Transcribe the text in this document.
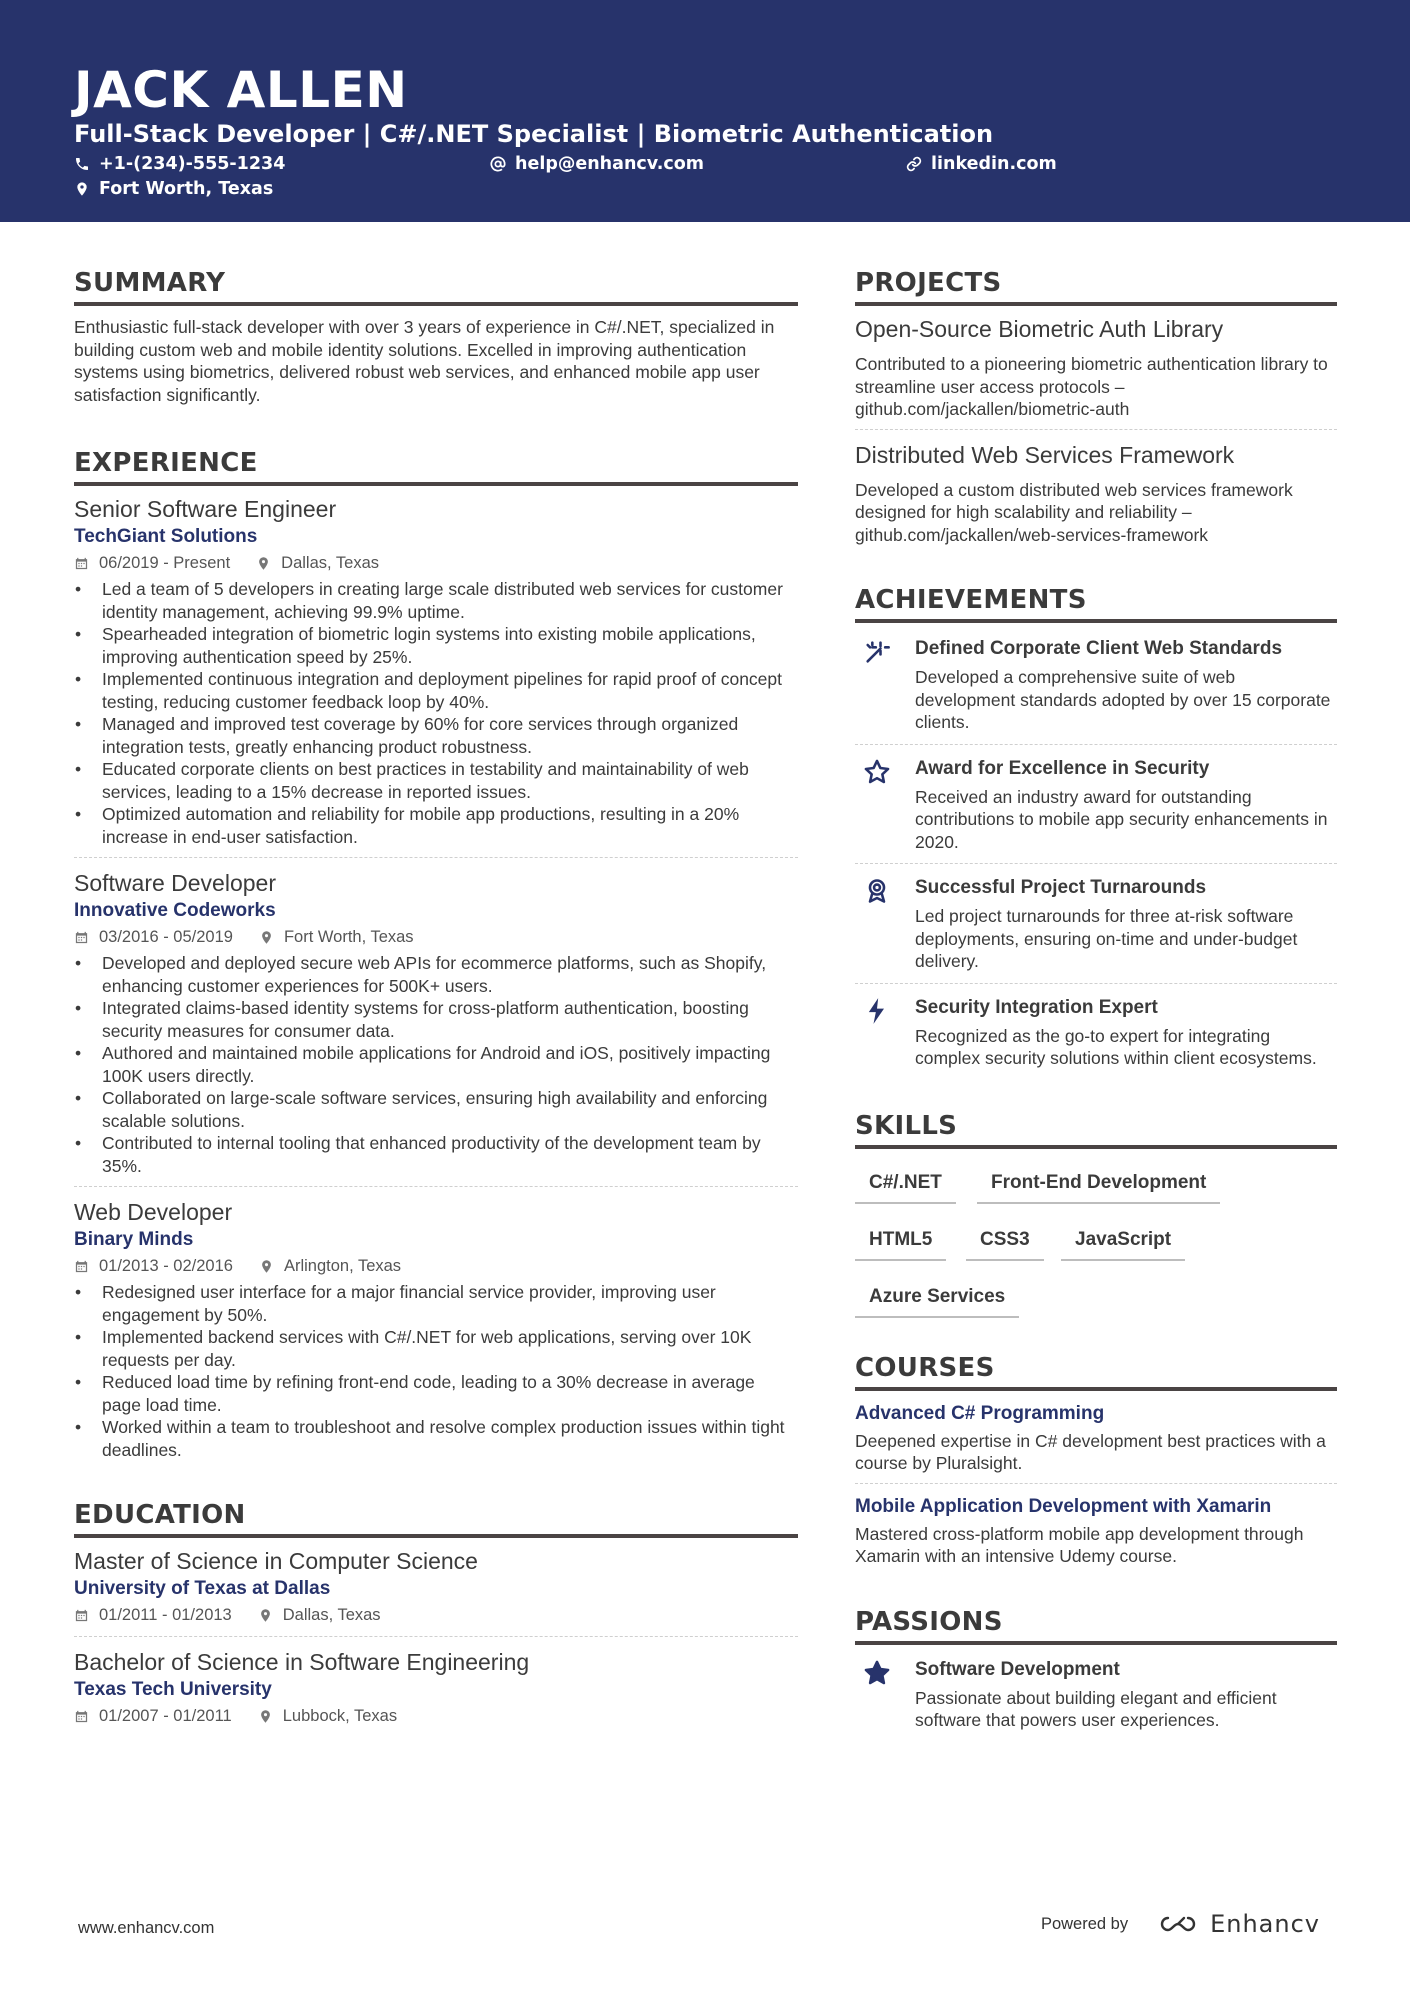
JACK ALLEN
Full-Stack Developer | C#/.NET Specialist | Biometric Authentication
+1-(234)-555-1234	help@enhancv.com	linkedin.com
Fort Worth, Texas
SUMMARY
Enthusiastic full-stack developer with over 3 years of experience in C#/.NET, specialized in building custom web and mobile identity solutions. Excelled in improving authentication systems using biometrics, delivered robust web services, and enhanced mobile app user satisfaction significantly.
EXPERIENCE
Senior Software Engineer
TechGiant Solutions
06/2019 - Present	Dallas, Texas
• Led a team of 5 developers in creating large scale distributed web services for customer identity management, achieving 99.9% uptime.
• Spearheaded integration of biometric login systems into existing mobile applications, improving authentication speed by 25%.
• Implemented continuous integration and deployment pipelines for rapid proof of concept testing, reducing customer feedback loop by 40%.
• Managed and improved test coverage by 60% for core services through organized integration tests, greatly enhancing product robustness.
• Educated corporate clients on best practices in testability and maintainability of web services, leading to a 15% decrease in reported issues.
• Optimized automation and reliability for mobile app productions, resulting in a 20% increase in end-user satisfaction.
Software Developer
Innovative Codeworks
03/2016 - 05/2019	Fort Worth, Texas
• Developed and deployed secure web APIs for ecommerce platforms, such as Shopify, enhancing customer experiences for 500K+ users.
• Integrated claims-based identity systems for cross-platform authentication, boosting security measures for consumer data.
• Authored and maintained mobile applications for Android and iOS, positively impacting 100K users directly.
• Collaborated on large-scale software services, ensuring high availability and enforcing scalable solutions.
• Contributed to internal tooling that enhanced productivity of the development team by 35%.
Web Developer
Binary Minds
01/2013 - 02/2016	Arlington, Texas
• Redesigned user interface for a major financial service provider, improving user engagement by 50%.
• Implemented backend services with C#/.NET for web applications, serving over 10K requests per day.
• Reduced load time by refining front-end code, leading to a 30% decrease in average page load time.
• Worked within a team to troubleshoot and resolve complex production issues within tight deadlines.
EDUCATION
Master of Science in Computer Science
University of Texas at Dallas
01/2011 - 01/2013	Dallas, Texas
Bachelor of Science in Software Engineering
Texas Tech University
01/2007 - 01/2011	Lubbock, Texas
PROJECTS
Open-Source Biometric Auth Library
Contributed to a pioneering biometric authentication library to streamline user access protocols – github.com/jackallen/biometric-auth
Distributed Web Services Framework
Developed a custom distributed web services framework designed for high scalability and reliability – github.com/jackallen/web-services-framework
ACHIEVEMENTS
Defined Corporate Client Web Standards
Developed a comprehensive suite of web development standards adopted by over 15 corporate clients.
Award for Excellence in Security
Received an industry award for outstanding contributions to mobile app security enhancements in 2020.
Successful Project Turnarounds
Led project turnarounds for three at-risk software deployments, ensuring on-time and under-budget delivery.
Security Integration Expert
Recognized as the go-to expert for integrating complex security solutions within client ecosystems.
SKILLS
C#/.NET	Front-End Development
HTML5	CSS3	JavaScript
Azure Services
COURSES
Advanced C# Programming
Deepened expertise in C# development best practices with a course by Pluralsight.
Mobile Application Development with Xamarin
Mastered cross-platform mobile app development through Xamarin with an intensive Udemy course.
PASSIONS
Software Development
Passionate about building elegant and efficient software that powers user experiences.
www.enhancv.com	Powered by	Enhancv
